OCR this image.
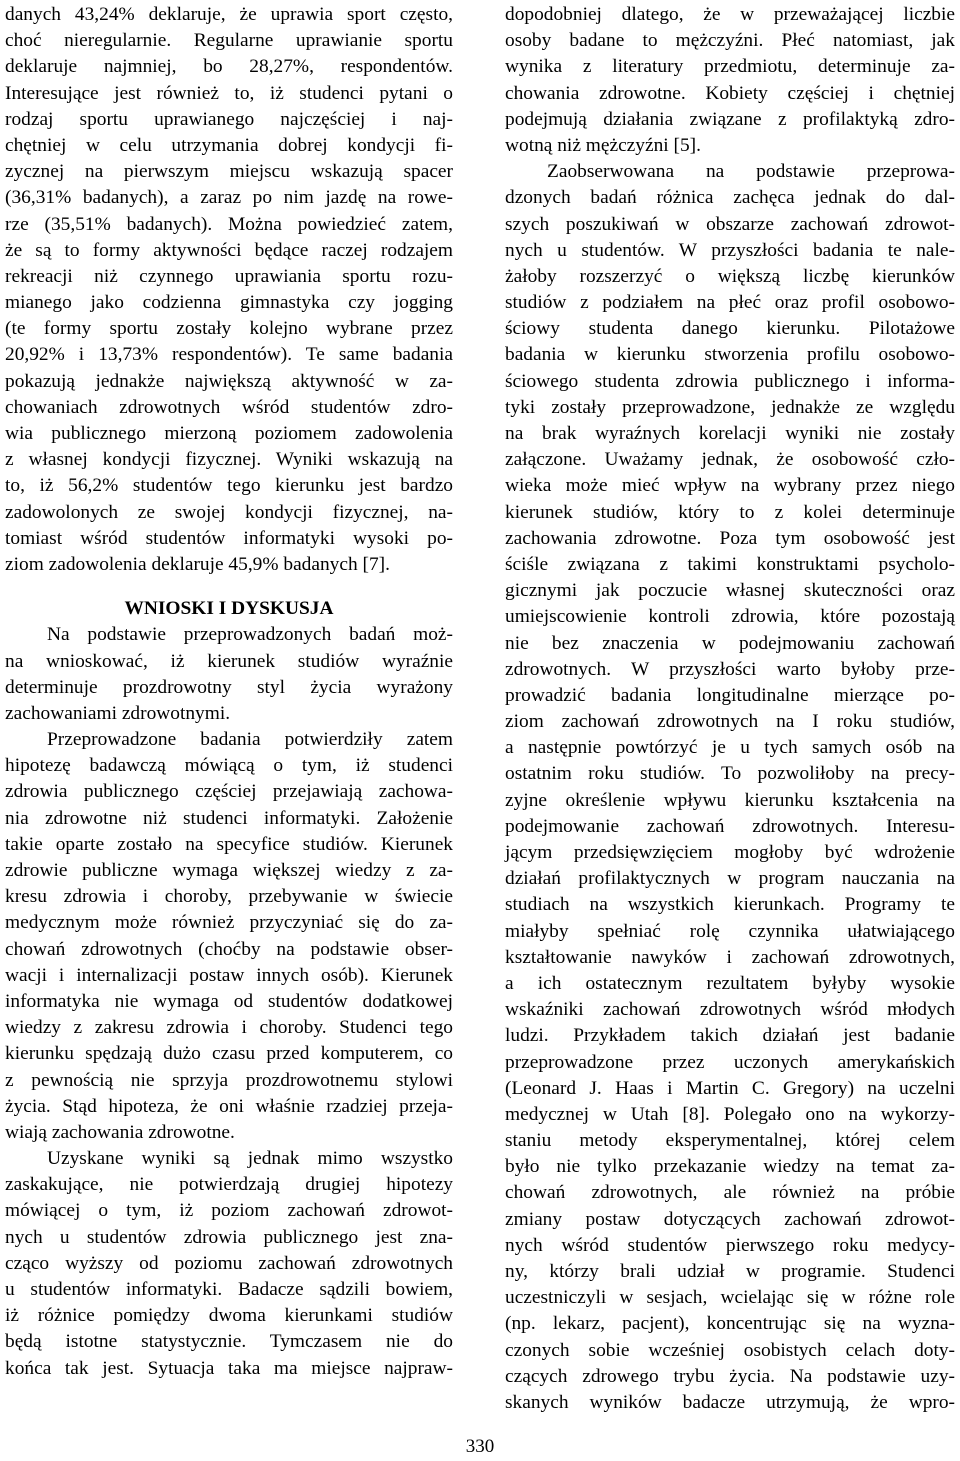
danych 43,24% deklaruje, że uprawia sport często,
choć nieregularnie. Regularne uprawianie sportu
deklaruje najmniej, bo 28,27%, respondentów.
Interesujące jest również to, iż studenci pytani o
rodzaj sportu uprawianego najczęściej i naj-
chętniej w celu utrzymania dobrej kondycji fi-
zycznej na pierwszym miejscu wskazują spacer
(36,31% badanych), a zaraz po nim jazdę na rowe-
rze (35,51% badanych). Można powiedzieć zatem,
że są to formy aktywności będące raczej rodzajem
rekreacji niż czynnego uprawiania sportu rozu-
mianego jako codzienna gimnastyka czy jogging
(te formy sportu zostały kolejno wybrane przez
20,92% i 13,73% respondentów). Te same badania
pokazują jednakże największą aktywność w za-
chowaniach zdrowotnych wśród studentów zdro-
wia publicznego mierzoną poziomem zadowolenia
z własnej kondycji fizycznej. Wyniki wskazują na
to, iż 56,2% studentów tego kierunku jest bardzo
zadowolonych ze swojej kondycji fizycznej, na-
tomiast wśród studentów informatyki wysoki po-
ziom zadowolenia deklaruje 45,9% badanych [7].
WNIOSKI I DYSKUSJA
Na podstawie przeprowadzonych badań moż-
na wnioskować, iż kierunek studiów wyraźnie
determinuje prozdrowotny styl życia wyrażony
zachowaniami zdrowotnymi.
Przeprowadzone badania potwierdziły zatem
hipotezę badawczą mówiącą o tym, iż studenci
zdrowia publicznego częściej przejawiają zachowa-
nia zdrowotne niż studenci informatyki. Założenie
takie oparte zostało na specyfice studiów. Kierunek
zdrowie publiczne wymaga większej wiedzy z za-
kresu zdrowia i choroby, przebywanie w świecie
medycznym może również przyczyniać się do za-
chowań zdrowotnych (choćby na podstawie obser-
wacji i internalizacji postaw innych osób). Kierunek
informatyka nie wymaga od studentów dodatkowej
wiedzy z zakresu zdrowia i choroby. Studenci tego
kierunku spędzają dużo czasu przed komputerem, co
z pewnością nie sprzyja prozdrowotnemu stylowi
życia. Stąd hipoteza, że oni właśnie rzadziej przeja-
wiają zachowania zdrowotne.
Uzyskane wyniki są jednak mimo wszystko
zaskakujące, nie potwierdzają drugiej hipotezy
mówiącej o tym, iż poziom zachowań zdrowot-
nych u studentów zdrowia publicznego jest zna-
cząco wyższy od poziomu zachowań zdrowotnych
u studentów informatyki. Badacze sądzili bowiem,
iż różnice pomiędzy dwoma kierunkami studiów
będą istotne statystycznie. Tymczasem nie do
końca tak jest. Sytuacja taka ma miejsce najpraw-
dopodobniej dlatego, że w przeważającej liczbie
osoby badane to mężczyźni. Płeć natomiast, jak
wynika z literatury przedmiotu, determinuje za-
chowania zdrowotne. Kobiety częściej i chętniej
podejmują działania związane z profilaktyką zdro-
wotną niż mężczyźni [5].
Zaobserwowana na podstawie przeprowa-
dzonych badań różnica zachęca jednak do dal-
szych poszukiwań w obszarze zachowań zdrowot-
nych u studentów. W przyszłości badania te nale-
żałoby rozszerzyć o większą liczbę kierunków
studiów z podziałem na płeć oraz profil osobowo-
ściowy studenta danego kierunku. Pilotażowe
badania w kierunku stworzenia profilu osobowo-
ściowego studenta zdrowia publicznego i informa-
tyki zostały przeprowadzone, jednakże ze względu
na brak wyraźnych korelacji wyniki nie zostały
załączone. Uważamy jednak, że osobowość czło-
wieka może mieć wpływ na wybrany przez niego
kierunek studiów, który to z kolei determinuje
zachowania zdrowotne. Poza tym osobowość jest
ściśle związana z takimi konstruktami psycholo-
gicznymi jak poczucie własnej skuteczności oraz
umiejscowienie kontroli zdrowia, które pozostają
nie bez znaczenia w podejmowaniu zachowań
zdrowotnych. W przyszłości warto byłoby prze-
prowadzić badania longitudinalne mierzące po-
ziom zachowań zdrowotnych na I roku studiów,
a następnie powtórzyć je u tych samych osób na
ostatnim roku studiów. To pozwoliłoby na precy-
zyjne określenie wpływu kierunku kształcenia na
podejmowanie zachowań zdrowotnych. Interesu-
jącym przedsięwzięciem mogłoby być wdrożenie
działań profilaktycznych w program nauczania na
studiach na wszystkich kierunkach. Programy te
miałyby spełniać rolę czynnika ułatwiającego
kształtowanie nawyków i zachowań zdrowotnych,
a ich ostatecznym rezultatem byłyby wysokie
wskaźniki zachowań zdrowotnych wśród młodych
ludzi. Przykładem takich działań jest badanie
przeprowadzone przez uczonych amerykańskich
(Leonard J. Haas i Martin C. Gregory) na uczelni
medycznej w Utah [8]. Polegało ono na wykorzy-
staniu metody eksperymentalnej, której celem
było nie tylko przekazanie wiedzy na temat za-
chowań zdrowotnych, ale również na próbie
zmiany postaw dotyczących zachowań zdrowot-
nych wśród studentów pierwszego roku medycy-
ny, którzy brali udział w programie. Studenci
uczestniczyli w sesjach, wcielając się w różne role
(np. lekarz, pacjent), koncentrując się na wyzna-
czonych sobie wcześniej osobistych celach doty-
czących zdrowego trybu życia. Na podstawie uzy-
skanych wyników badacze utrzymują, że wpro-
330
